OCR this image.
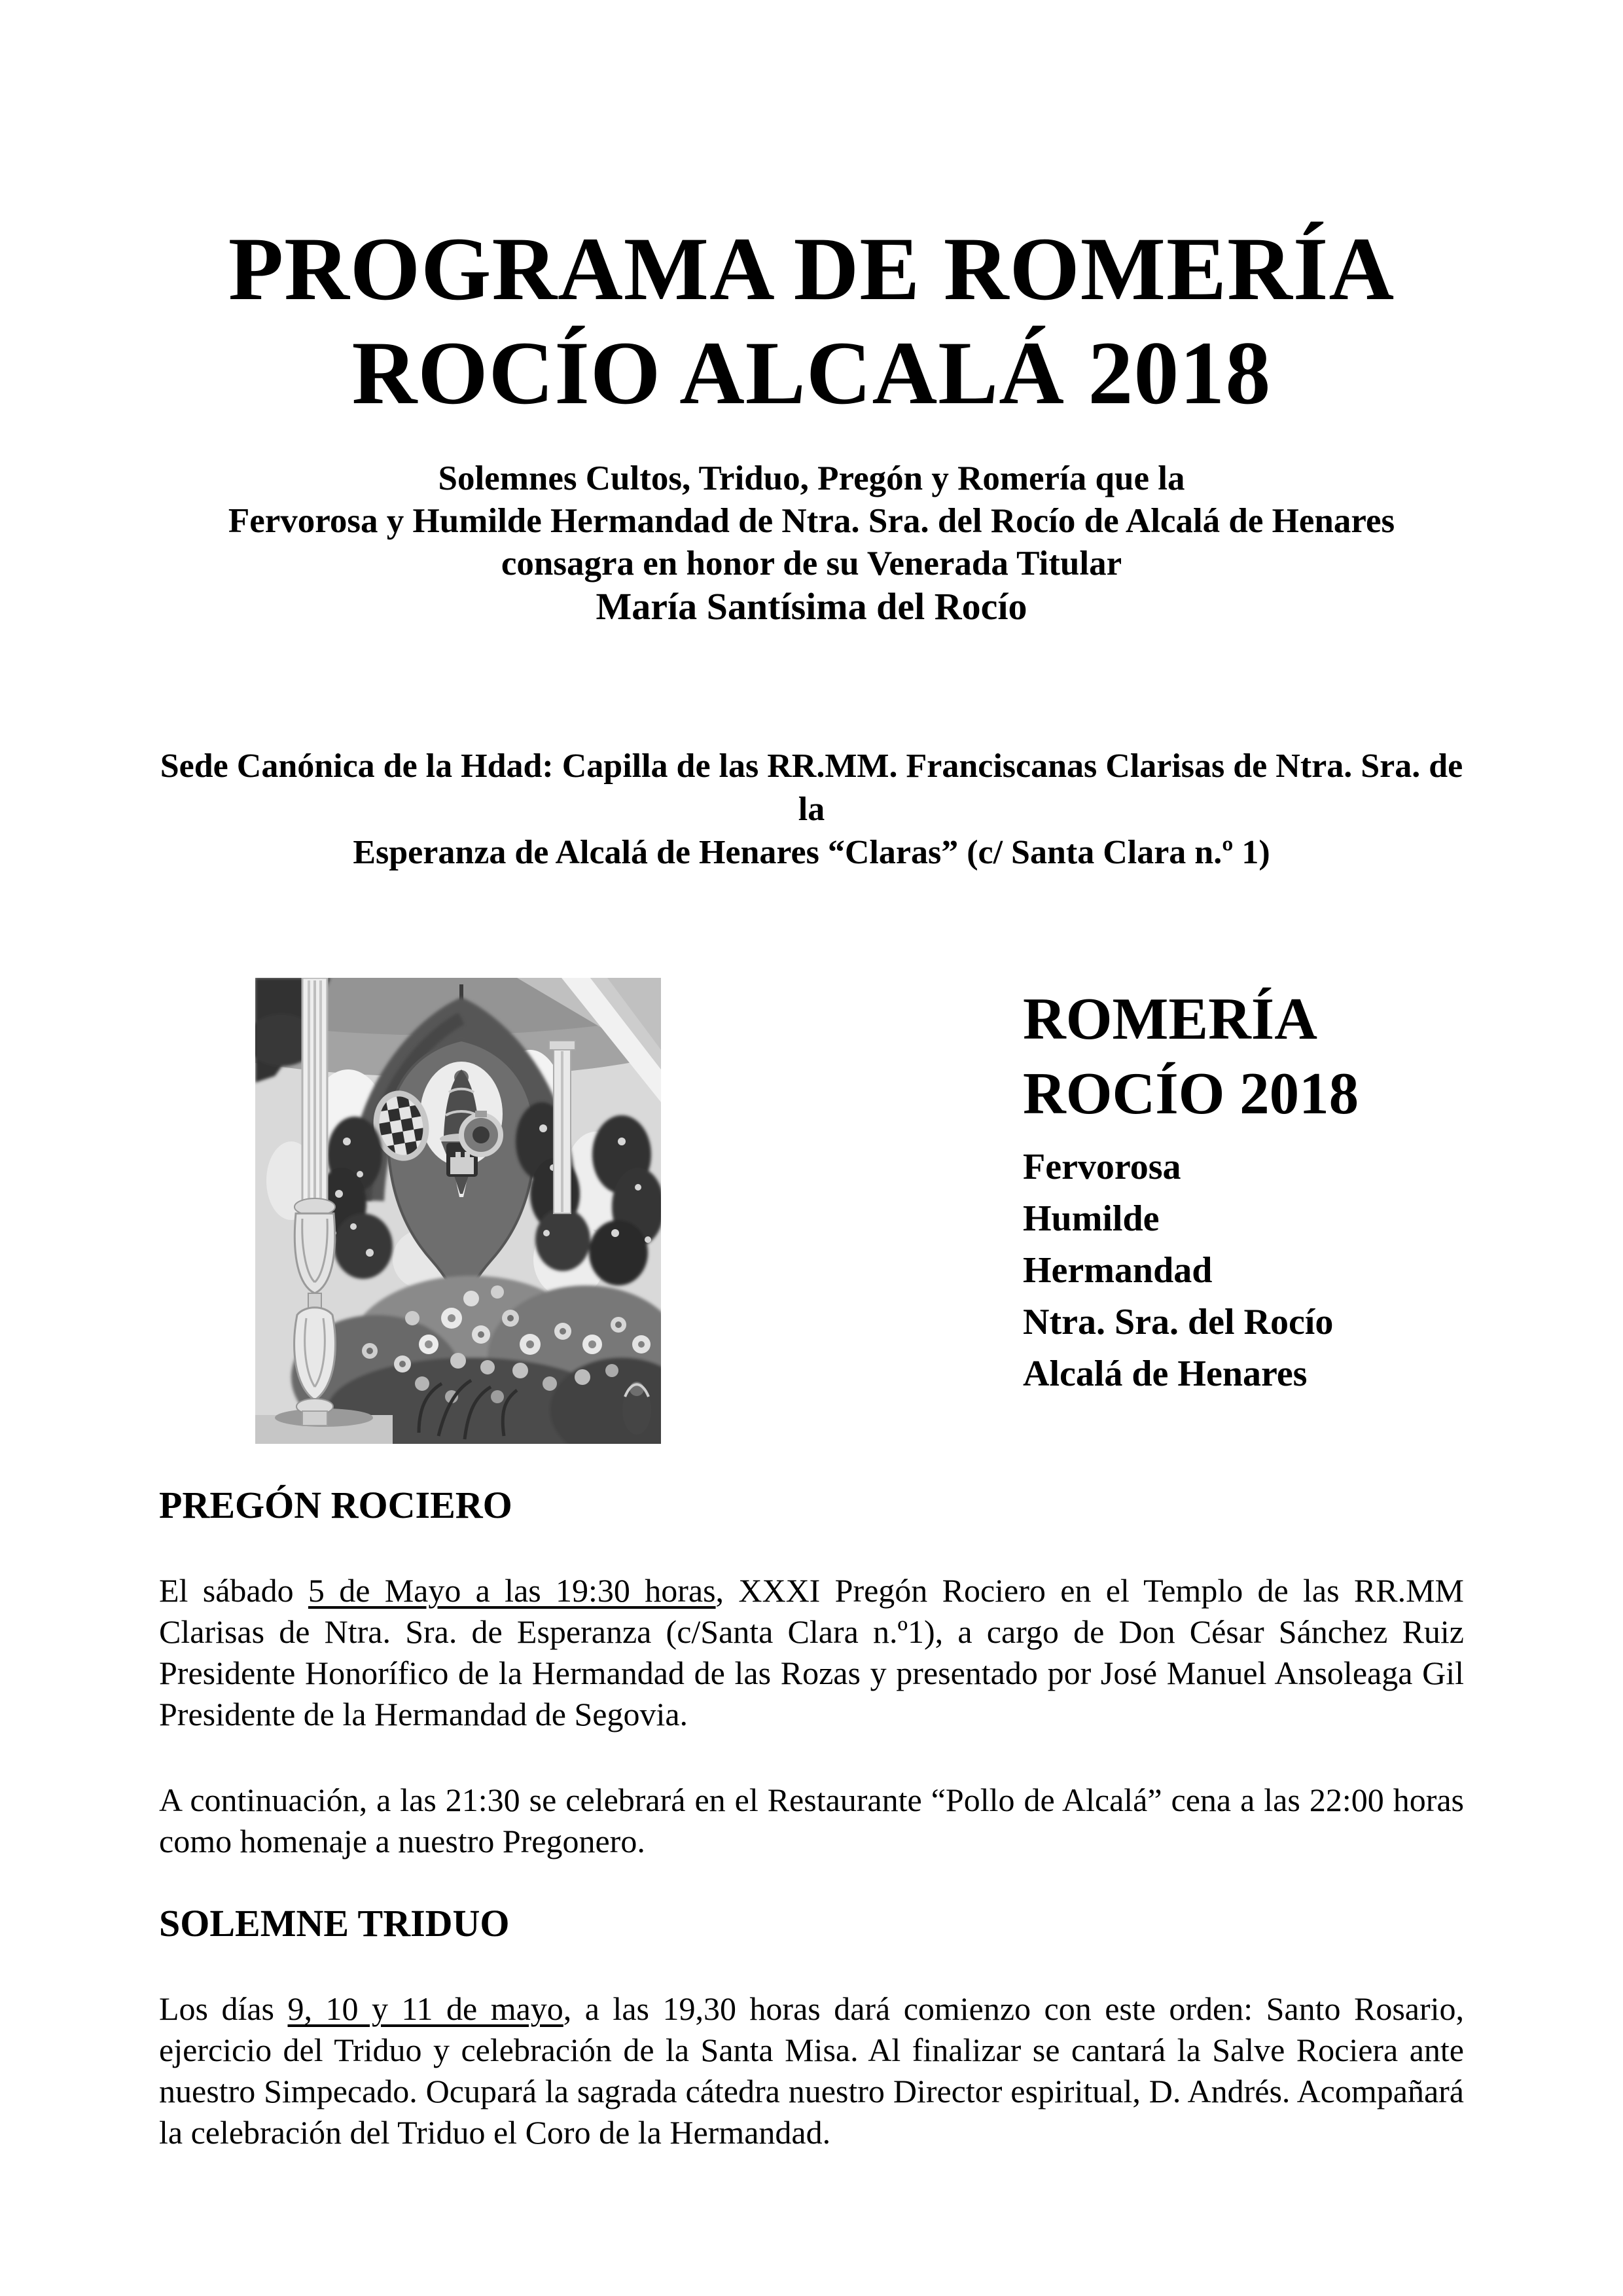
PROGRAMA DE ROMERÍA
ROCÍO ALCALÁ 2018
Solemnes Cultos, Triduo, Pregón y Romería que la
Fervorosa y Humilde Hermandad de Ntra. Sra. del Rocío de Alcalá de Henares
consagra en honor de su Venerada Titular
María Santísima del Rocío
Sede Canónica de la Hdad: Capilla de las RR.MM. Franciscanas Clarisas de Ntra. Sra. de la
Esperanza de Alcalá de Henares “Claras” (c/ Santa Clara n.º 1)
ROMERÍA
ROCÍO 2018
Fervorosa
Humilde
Hermandad
Ntra. Sra. del Rocío
Alcalá de Henares
PREGÓN ROCIERO

El sábado 5 de Mayo a las 19:30 horas, XXXI Pregón Rociero en el Templo de las RR.MM Clarisas de Ntra. Sra. de Esperanza (c/Santa Clara n.º1), a cargo de Don César Sánchez Ruiz Presidente Honorífico de la Hermandad de las Rozas y presentado por José Manuel Ansoleaga Gil Presidente de la Hermandad de Segovia.

A continuación, a las 21:30 se celebrará en el Restaurante “Pollo de Alcalá” cena a las 22:00 horas como homenaje a nuestro Pregonero.

SOLEMNE TRIDUO

Los días 9, 10 y 11 de mayo, a las 19,30 horas dará comienzo con este orden: Santo Rosario, ejercicio del Triduo y celebración de la Santa Misa. Al finalizar se cantará la Salve Rociera ante nuestro Simpecado. Ocupará la sagrada cátedra nuestro Director espiritual, D. Andrés. Acompañará la celebración del Triduo el Coro de la Hermandad.
